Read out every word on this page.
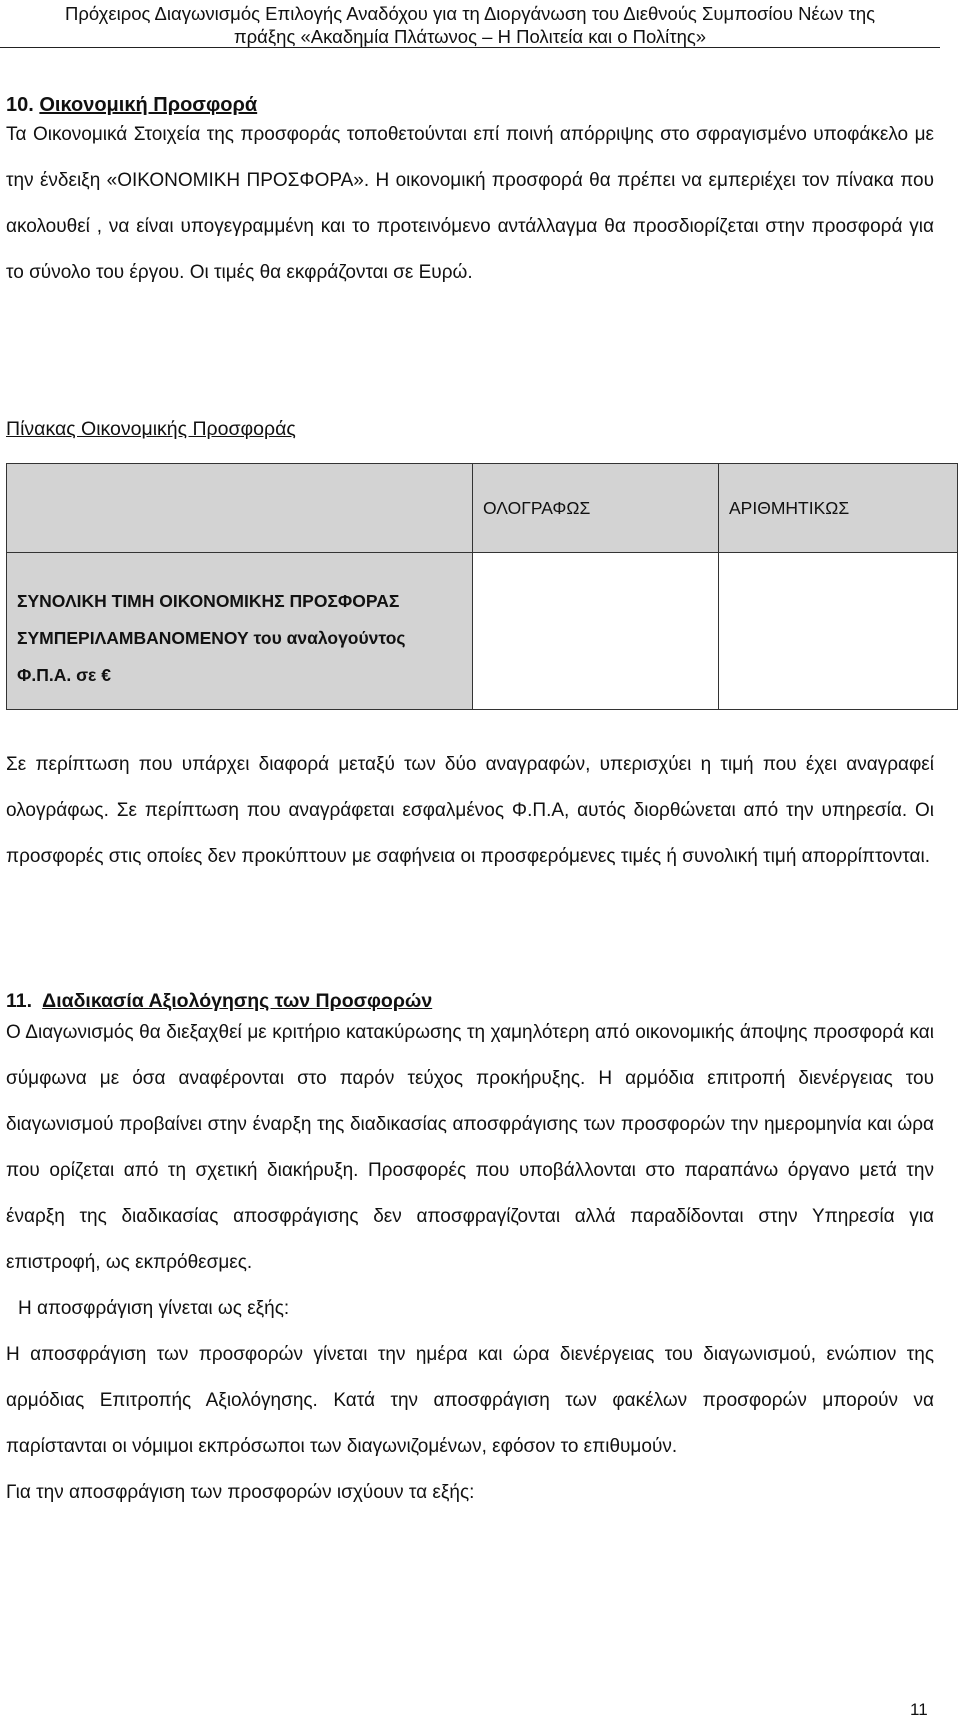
Πρόχειρος Διαγωνισμός Επιλογής Αναδόχου για τη Διοργάνωση του Διεθνούς Συμποσίου Νέων της
πράξης «Ακαδημία Πλάτωνος – Η Πολιτεία και ο Πολίτης»
10. Οικονομική Προσφορά
Τα Οικονομικά Στοιχεία της προσφοράς τοποθετούνται επί ποινή απόρριψης στο σφραγισμένο υποφάκελο με την ένδειξη «ΟΙΚΟΝΟΜΙΚΗ ΠΡΟΣΦΟΡΑ». Η οικονομική προσφορά θα πρέπει να εμπεριέχει τον πίνακα που ακολουθεί , να είναι υπογεγραμμένη και το προτεινόμενο αντάλλαγμα θα προσδιορίζεται στην προσφορά για το σύνολο του έργου. Οι τιμές θα εκφράζονται σε Ευρώ.
Πίνακας Οικονομικής Προσφοράς
	ΟΛΟΓΡΑΦΩΣ	ΑΡΙΘΜΗΤΙΚΩΣ

ΣΥΝΟΛΙΚΗ ΤΙΜΗ ΟΙΚΟΝΟΜΙΚΗΣ ΠΡΟΣΦΟΡΑΣ
ΣΥΜΠΕΡΙΛΑΜΒΑΝΟΜΕΝΟΥ του αναλογούντος
Φ.Π.Α. σε €		

Σε περίπτωση που υπάρχει διαφορά μεταξύ των δύο αναγραφών, υπερισχύει η τιμή που έχει αναγραφεί ολογράφως. Σε περίπτωση που αναγράφεται εσφαλμένος Φ.Π.Α, αυτός διορθώνεται από την υπηρεσία. Οι προσφορές στις οποίες δεν προκύπτουν με σαφήνεια οι προσφερόμενες τιμές ή συνολική τιμή απορρίπτονται.
11. Διαδικασία Αξιολόγησης των Προσφορών
Ο Διαγωνισμός θα διεξαχθεί με κριτήριο κατακύρωσης τη χαμηλότερη από οικονομικής άποψης προσφορά και σύμφωνα με όσα αναφέρονται στο παρόν τεύχος προκήρυξης. Η αρμόδια επιτροπή διενέργειας του διαγωνισμού προβαίνει στην έναρξη της διαδικασίας αποσφράγισης των προσφορών την ημερομηνία και ώρα που ορίζεται από τη σχετική διακήρυξη. Προσφορές που υποβάλλονται στο παραπάνω όργανο μετά την έναρξη της διαδικασίας αποσφράγισης δεν αποσφραγίζονται αλλά παραδίδονται στην Υπηρεσία για επιστροφή, ως εκπρόθεσμες.
Η αποσφράγιση γίνεται ως εξής:
Η αποσφράγιση των προσφορών γίνεται την ημέρα και ώρα διενέργειας του διαγωνισμού, ενώπιον της αρμόδιας Επιτροπής Αξιολόγησης. Κατά την αποσφράγιση των φακέλων προσφορών μπορούν να παρίστανται οι νόμιμοι εκπρόσωποι των διαγωνιζομένων, εφόσον το επιθυμούν.
Για την αποσφράγιση των προσφορών ισχύουν τα εξής:
11
